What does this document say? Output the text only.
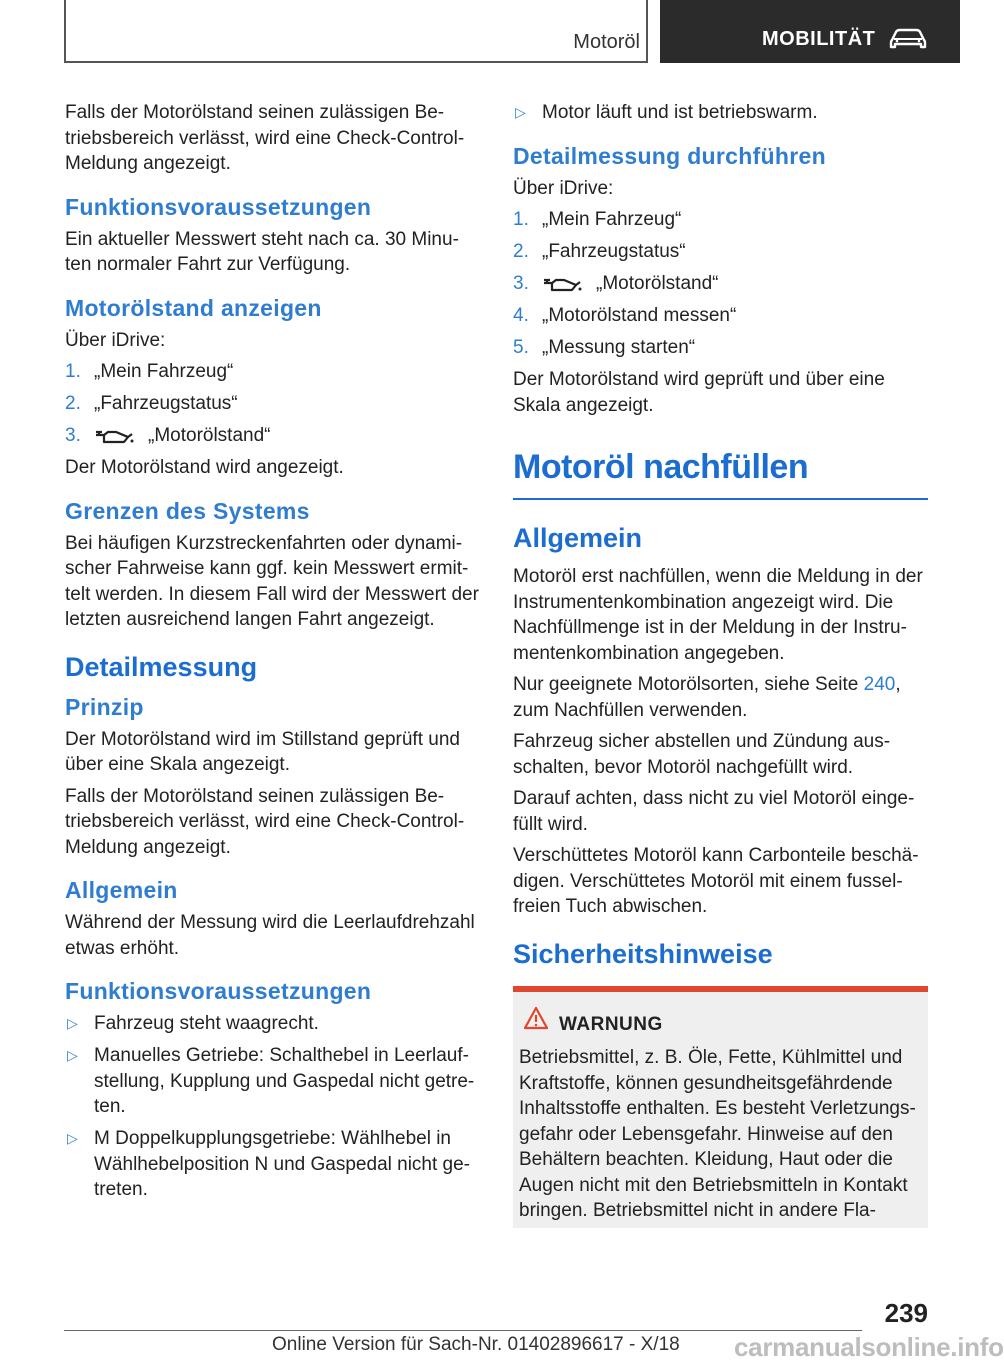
Motoröl	MOBILITÄT

Falls der Motorölstand seinen zulässigen Be-triebsbereich verlässt, wird eine Check-Control-Meldung angezeigt.

Funktionsvoraussetzungen

Ein aktueller Messwert steht nach ca. 30 Minu-ten normaler Fahrt zur Verfügung.

Motorölstand anzeigen

Über iDrive:

1. „Mein Fahrzeug“
2. „Fahrzeugstatus“
3.	„Motorölstand“

Der Motorölstand wird angezeigt.

Grenzen des Systems

Bei häufigen Kurzstreckenfahrten oder dynami-scher Fahrweise kann ggf. kein Messwert ermit-telt werden. In diesem Fall wird der Messwert der letzten ausreichend langen Fahrt angezeigt.

Detailmessung
Prinzip

Der Motorölstand wird im Stillstand geprüft und über eine Skala angezeigt.

Falls der Motorölstand seinen zulässigen Be-triebsbereich verlässt, wird eine Check-Control-Meldung angezeigt.

Allgemein

Während der Messung wird die Leerlaufdrehzahl etwas erhöht.

Funktionsvoraussetzungen
▷ Fahrzeug steht waagrecht.
▷ Manuelles Getriebe: Schalthebel in Leerlauf-stellung, Kupplung und Gaspedal nicht getre-ten.
▷ M Doppelkupplungsgetriebe: Wählhebel in Wählhebelposition N und Gaspedal nicht ge-treten.
▷ Motor läuft und ist betriebswarm.
Detailmessung durchführen

Über iDrive:

1. „Mein Fahrzeug“
2. „Fahrzeugstatus“
3.	„Motorölstand“
4. „Motorölstand messen“
5. „Messung starten“

Der Motorölstand wird geprüft und über eine Skala angezeigt.

Motoröl nachfüllen
Allgemein

Motoröl erst nachfüllen, wenn die Meldung in der Instrumentenkombination angezeigt wird. Die Nachfüllmenge ist in der Meldung in der Instru-mentenkombination angegeben.

Nur geeignete Motorölsorten, siehe Seite 240, zum Nachfüllen verwenden.

Fahrzeug sicher abstellen und Zündung aus-schalten, bevor Motoröl nachgefüllt wird.

Darauf achten, dass nicht zu viel Motoröl einge-füllt wird.

Verschüttetes Motoröl kann Carbonteile beschä-digen. Verschüttetes Motoröl mit einem fussel-freien Tuch abwischen.

Sicherheitshinweise
WARNUNG
Betriebsmittel, z. B. Öle, Fette, Kühlmittel und Kraftstoffe, können gesundheitsgefährdende Inhaltsstoffe enthalten. Es besteht Verletzungs-gefahr oder Lebensgefahr. Hinweise auf den Behältern beachten. Kleidung, Haut oder die Augen nicht mit den Betriebsmitteln in Kontakt bringen. Betriebsmittel nicht in andere Fla-
239
Online Version für Sach-Nr. 01402896617 - X/18 carmanualsonline.info
